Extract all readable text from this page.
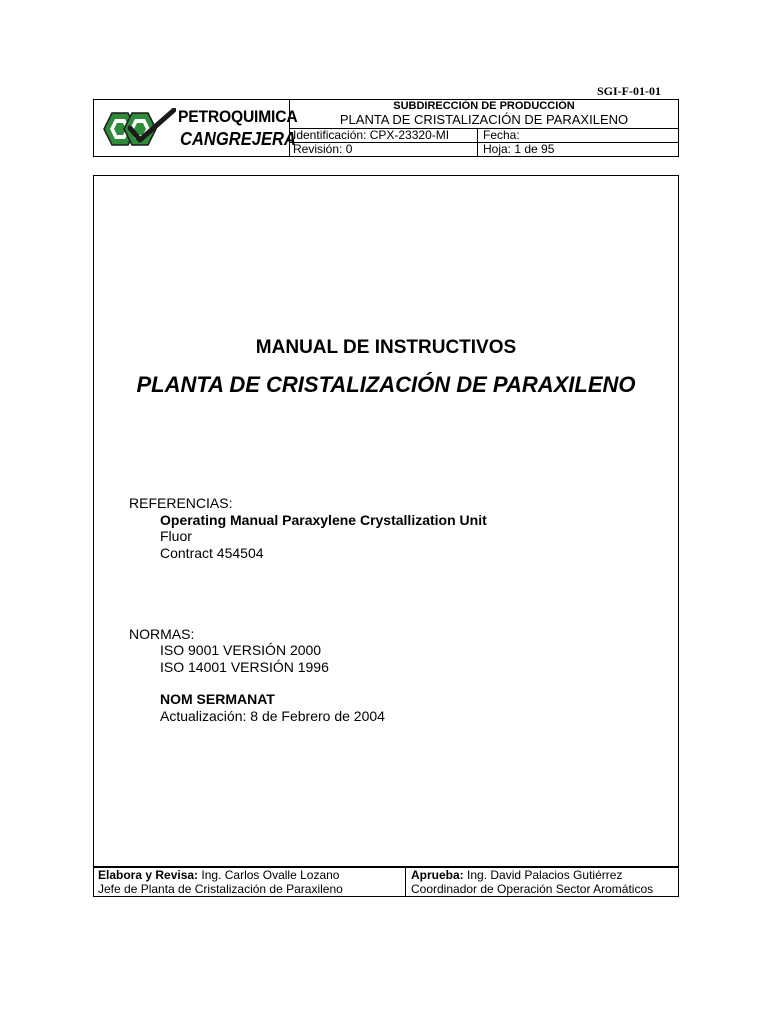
SGI-F-01-01
PETROQUIMICA
CANGREJERA
SUBDIRECCIÓN DE PRODUCCIÓN
PLANTA DE CRISTALIZACIÓN DE PARAXILENO
Identificación: CPX-23320-MI	Fecha:
Revisión: 0	Hoja: 1 de 95
Elabora y Revisa: Ing. Carlos Ovalle Lozano
Jefe de Planta de Cristalización de Paraxileno
Aprueba: Ing. David Palacios Gutiérrez
Coordinador de Operación Sector Aromáticos
MANUAL DE INSTRUCTIVOS
PLANTA DE CRISTALIZACIÓN DE PARAXILENO
REFERENCIAS:
Operating Manual Paraxylene Crystallization Unit
Fluor
Contract 454504
NORMAS:
ISO 9001 VERSIÓN 2000
ISO 14001 VERSIÓN 1996
NOM SERMANAT
Actualización: 8 de Febrero de 2004
